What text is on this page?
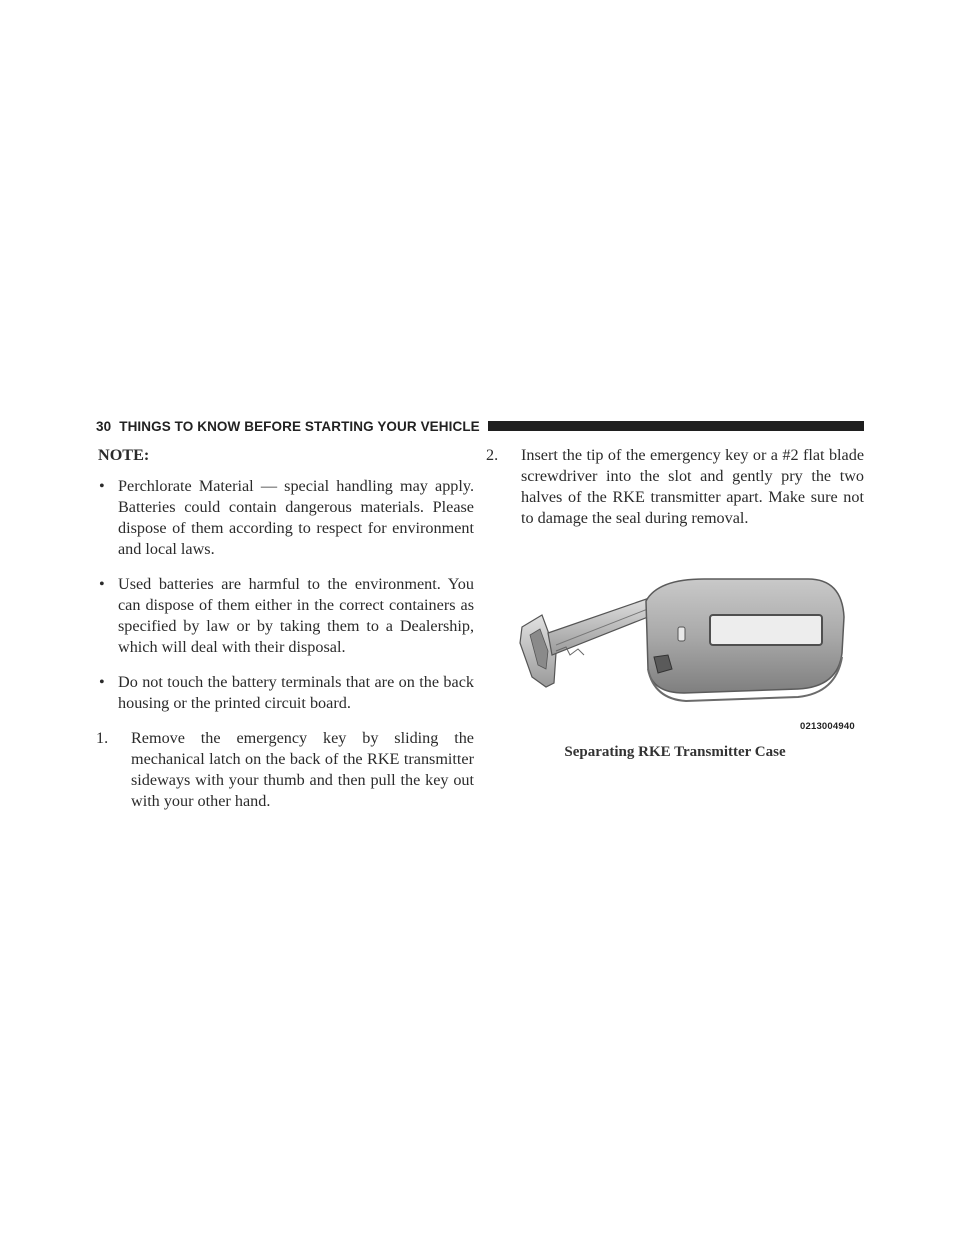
30 THINGS TO KNOW BEFORE STARTING YOUR VEHICLE
NOTE:
• Perchlorate Material — special handling may apply. Batteries could contain dangerous materials. Please dispose of them according to respect for environment and local laws.
• Used batteries are harmful to the environment. You can dispose of them either in the correct containers as specified by law or by taking them to a Dealership, which will deal with their disposal.
• Do not touch the battery terminals that are on the back housing or the printed circuit board.
1. Remove the emergency key by sliding the mechanical latch on the back of the RKE transmitter sideways with your thumb and then pull the key out with your other hand.
2. Insert the tip of the emergency key or a #2 flat blade screwdriver into the slot and gently pry the two halves of the RKE transmitter apart. Make sure not to damage the seal during removal.
0213004940
Separating RKE Transmitter Case
